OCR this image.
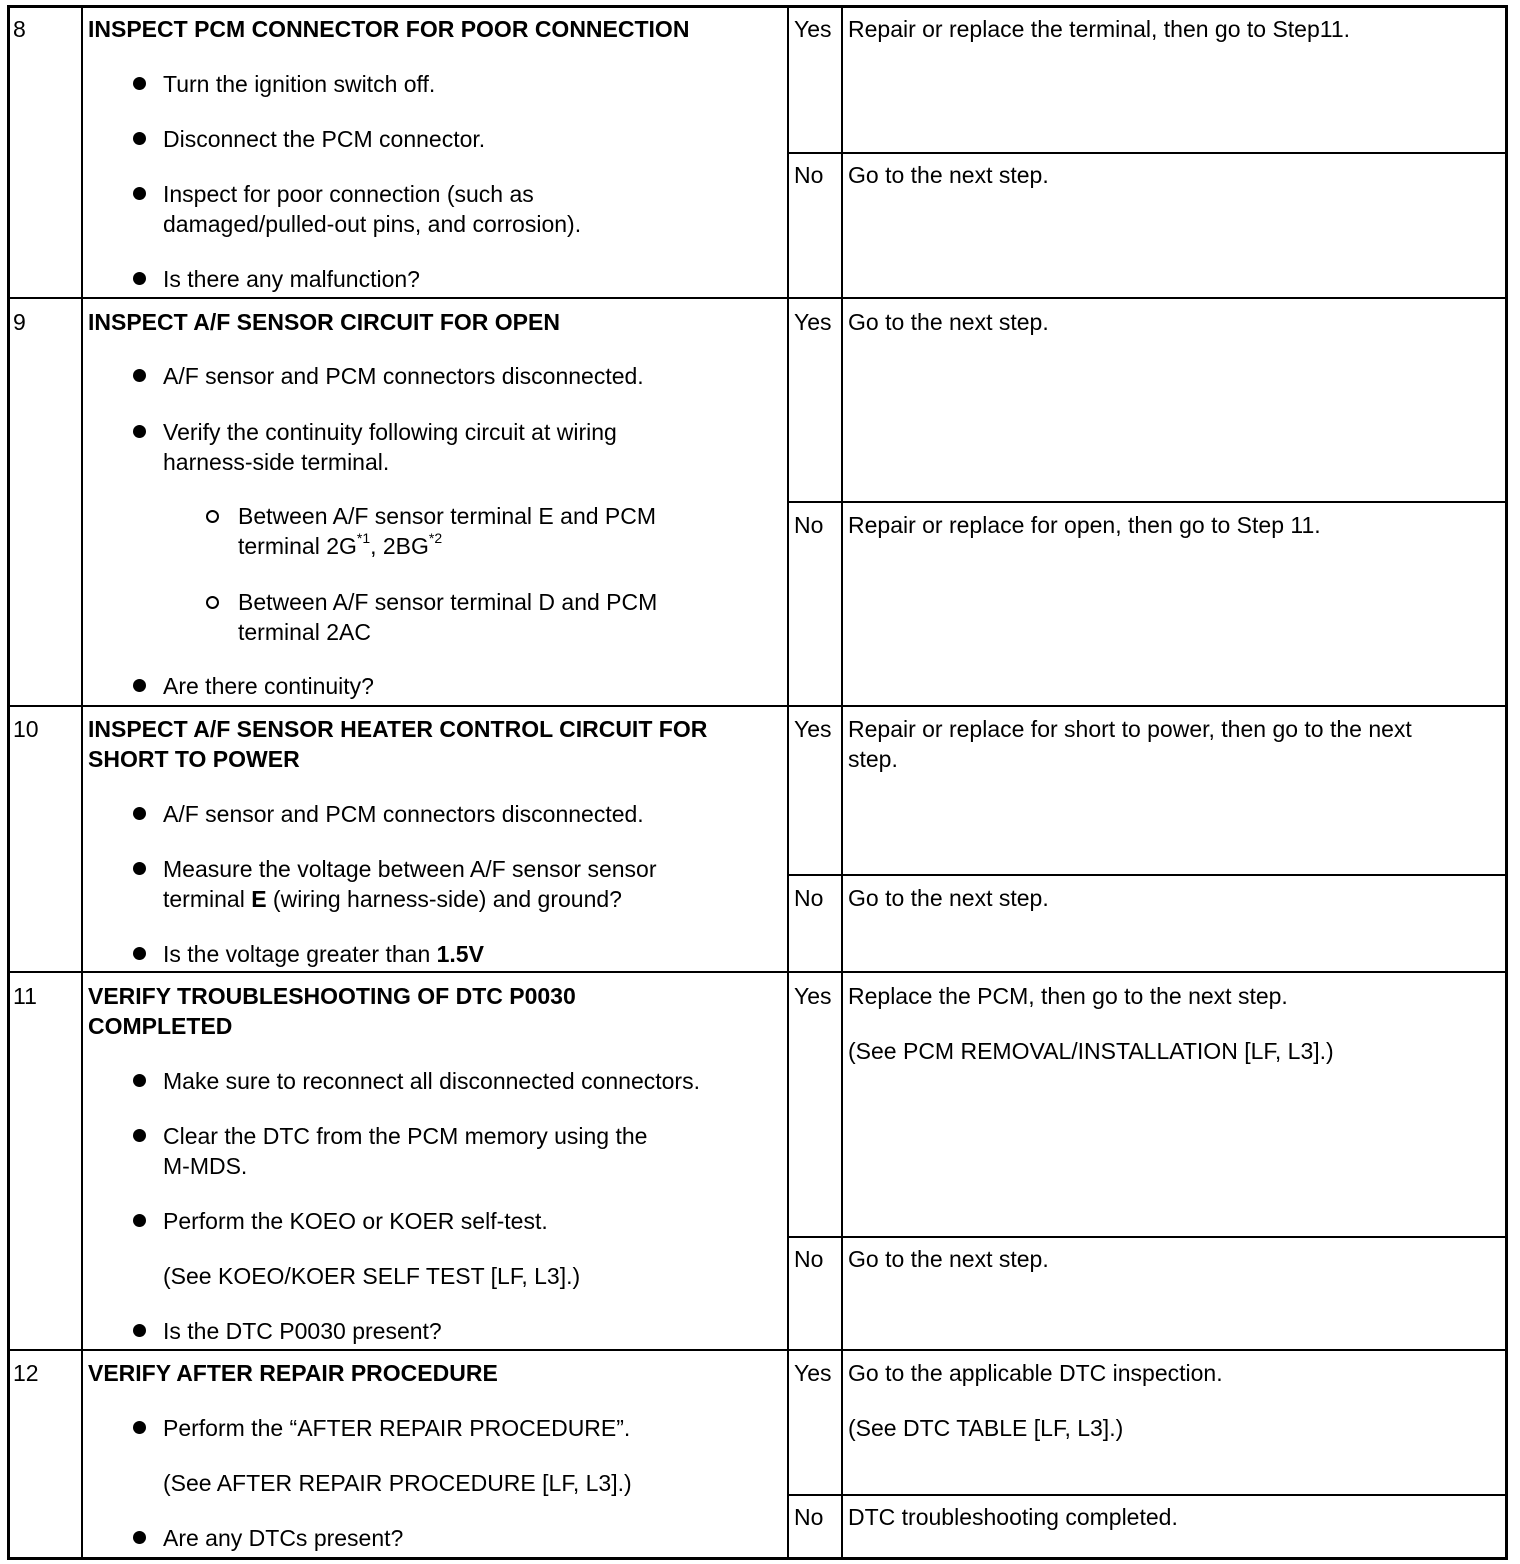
8	INSPECT PCM CONNECTOR FOR POOR CONNECTION
Turn the ignition switch off.
Disconnect the PCM connector.
Inspect for poor connection (such as
damaged/pulled-out pins, and corrosion).
Is there any malfunction?
Yes Repair or replace the terminal, then go to Step11.
No Go to the next step.
9	INSPECT A/F SENSOR CIRCUIT FOR OPEN
A/F sensor and PCM connectors disconnected.
Verify the continuity following circuit at wiring
harness-side terminal.
Between A/F sensor terminal E and PCM
terminal $2G^{*1}$, 2BG$^{*2}$
Between A/F sensor terminal D and PCM
terminal 2AC
Are there continuity?
Yes Go to the next step.
No Repair or replace for open, then go to Step 11.
10 INSPECT A/F SENSOR HEATER CONTROL CIRCUIT FOR
SHORT TO POWER
A/F sensor and PCM connectors disconnected.
Measure the voltage between A/F sensor sensor
terminal E (wiring harness-side) and ground?
Is the voltage greater than 1.5V
Yes Repair or replace for short to power, then go to the next
step.
No Go to the next step.
11 VERIFY TROUBLESHOOTING OF DTC P0030
COMPLETED
Make sure to reconnect all disconnected connectors.
Clear the DTC from the PCM memory using the
M-MDS.
Perform the KOEO or KOER self-test.
(See KOEO/KOER SELF TEST [LF, L3].)
Is the DTC P0030 present?
Yes Replace the PCM, then go to the next step.
(See PCM REMOVAL/INSTALLATION [LF, L3].)
No Go to the next step.
12 VERIFY AFTER REPAIR PROCEDURE
Perform the “AFTER REPAIR PROCEDURE”.
(See AFTER REPAIR PROCEDURE [LF, L3].)
Are any DTCs present?
Yes Go to the applicable DTC inspection.
(See DTC TABLE [LF, L3].)
No DTC troubleshooting completed.
